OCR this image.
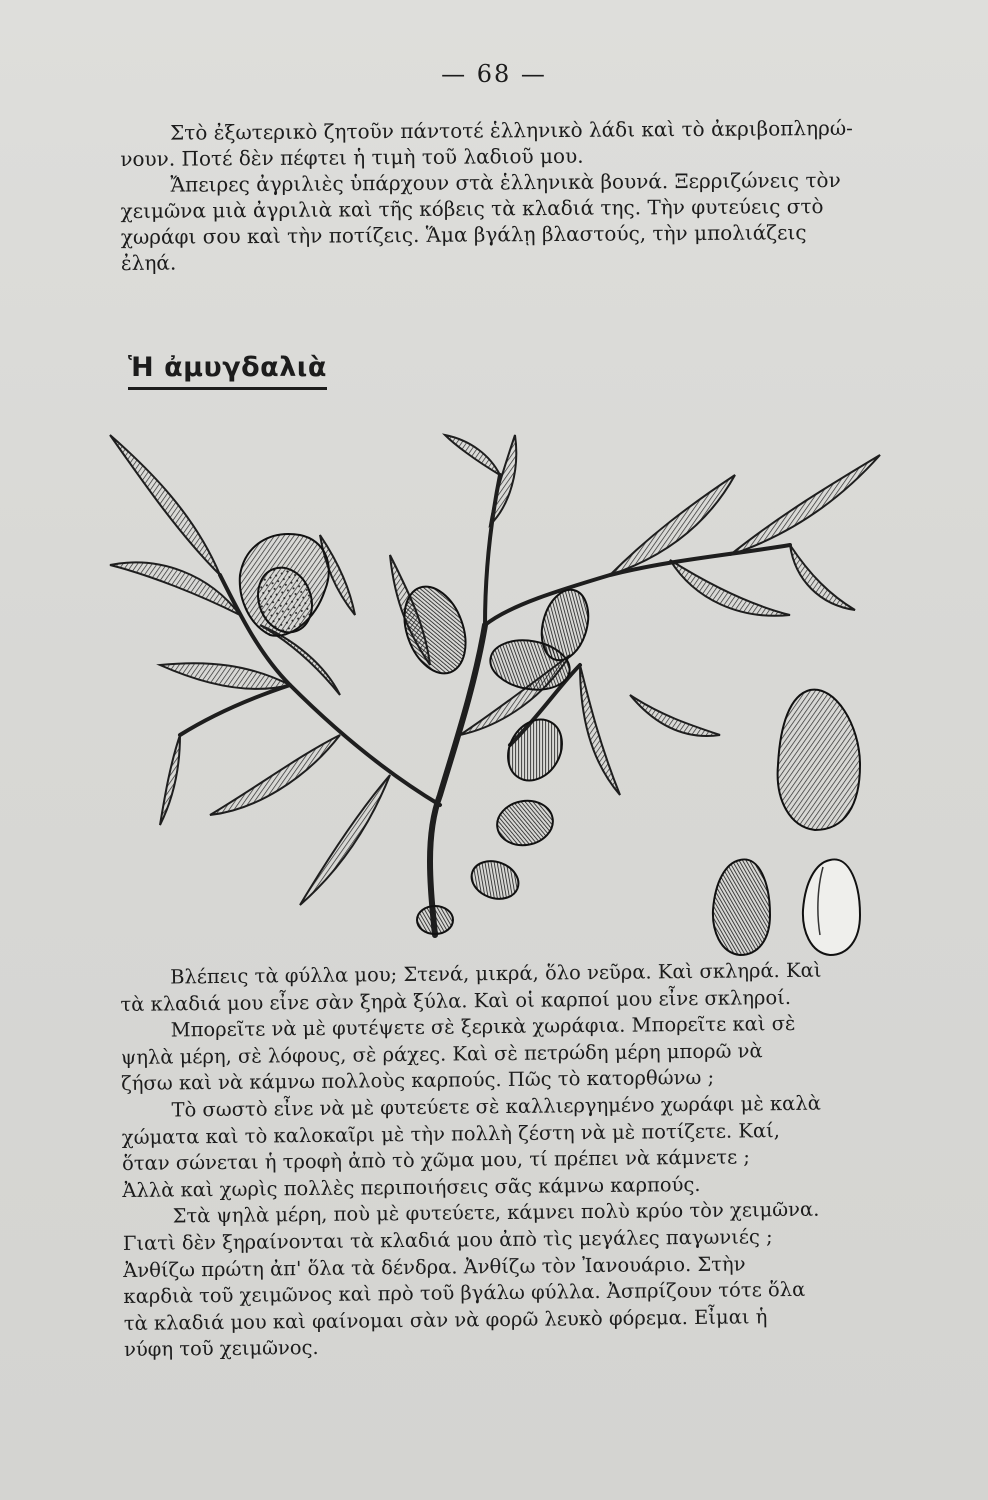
— 68 —

Στὸ ἐξωτερικὸ ζητοῦν πάντοτέ ἑλληνικὸ λάδι καὶ τὸ ἀκριβοπληρώ-

νουν. Ποτέ δὲν πέφτει ἡ τιμὴ τοῦ λαδιοῦ μου.

Ἄπειρες ἀγριλιὲς ὑπάρχουν στὰ ἑλληνικὰ βουνά. Ξερριζώνεις τὸν

χειμῶνα μιὰ ἀγριλιὰ καὶ τῆς κόβεις τὰ κλαδιά της. Τὴν φυτεύεις στὸ

χωράφι σου καὶ τὴν ποτίζεις. Ἅμα βγάλῃ βλαστούς, τὴν μπολιάζεις

ἐληά.

Ἡ ἀμυγδαλιὰ

Βλέπεις τὰ φύλλα μου; Στενά, μικρά, ὅλο νεῦρα. Καὶ σκληρά. Καὶ

τὰ κλαδιά μου εἶνε σὰν ξηρὰ ξύλα. Καὶ οἱ καρποί μου εἶνε σκληροί.

Μπορεῖτε νὰ μὲ φυτέψετε σὲ ξερικὰ χωράφια. Μπορεῖτε καὶ σὲ

ψηλὰ μέρη, σὲ λόφους, σὲ ράχες. Καὶ σὲ πετρώδη μέρη μπορῶ νὰ

ζήσω καὶ νὰ κάμνω πολλοὺς καρπούς. Πῶς τὸ κατορθώνω ;

Τὸ σωστὸ εἶνε νὰ μὲ φυτεύετε σὲ καλλιεργημένο χωράφι μὲ καλὰ

χώματα καὶ τὸ καλοκαῖρι μὲ τὴν πολλὴ ζέστη νὰ μὲ ποτίζετε. Καί,

ὅταν σώνεται ἡ τροφὴ ἀπὸ τὸ χῶμα μου, τί πρέπει νὰ κάμνετε ;

Ἀλλὰ καὶ χωρὶς πολλὲς περιποιήσεις σᾶς κάμνω καρπούς.

Στὰ ψηλὰ μέρη, ποὺ μὲ φυτεύετε, κάμνει πολὺ κρύο τὸν χειμῶνα.

Γιατὶ δὲν ξηραίνονται τὰ κλαδιά μου ἀπὸ τὶς μεγάλες παγωνιές ;

Ἀνθίζω πρώτη ἀπ' ὅλα τὰ δένδρα. Ἀνθίζω τὸν Ἰανουάριο. Στὴν

καρδιὰ τοῦ χειμῶνος καὶ πρὸ τοῦ βγάλω φύλλα. Ἀσπρίζουν τότε ὅλα

τὰ κλαδιά μου καὶ φαίνομαι σὰν νὰ φορῶ λευκὸ φόρεμα. Εἶμαι ἡ

νύφη τοῦ χειμῶνος.
